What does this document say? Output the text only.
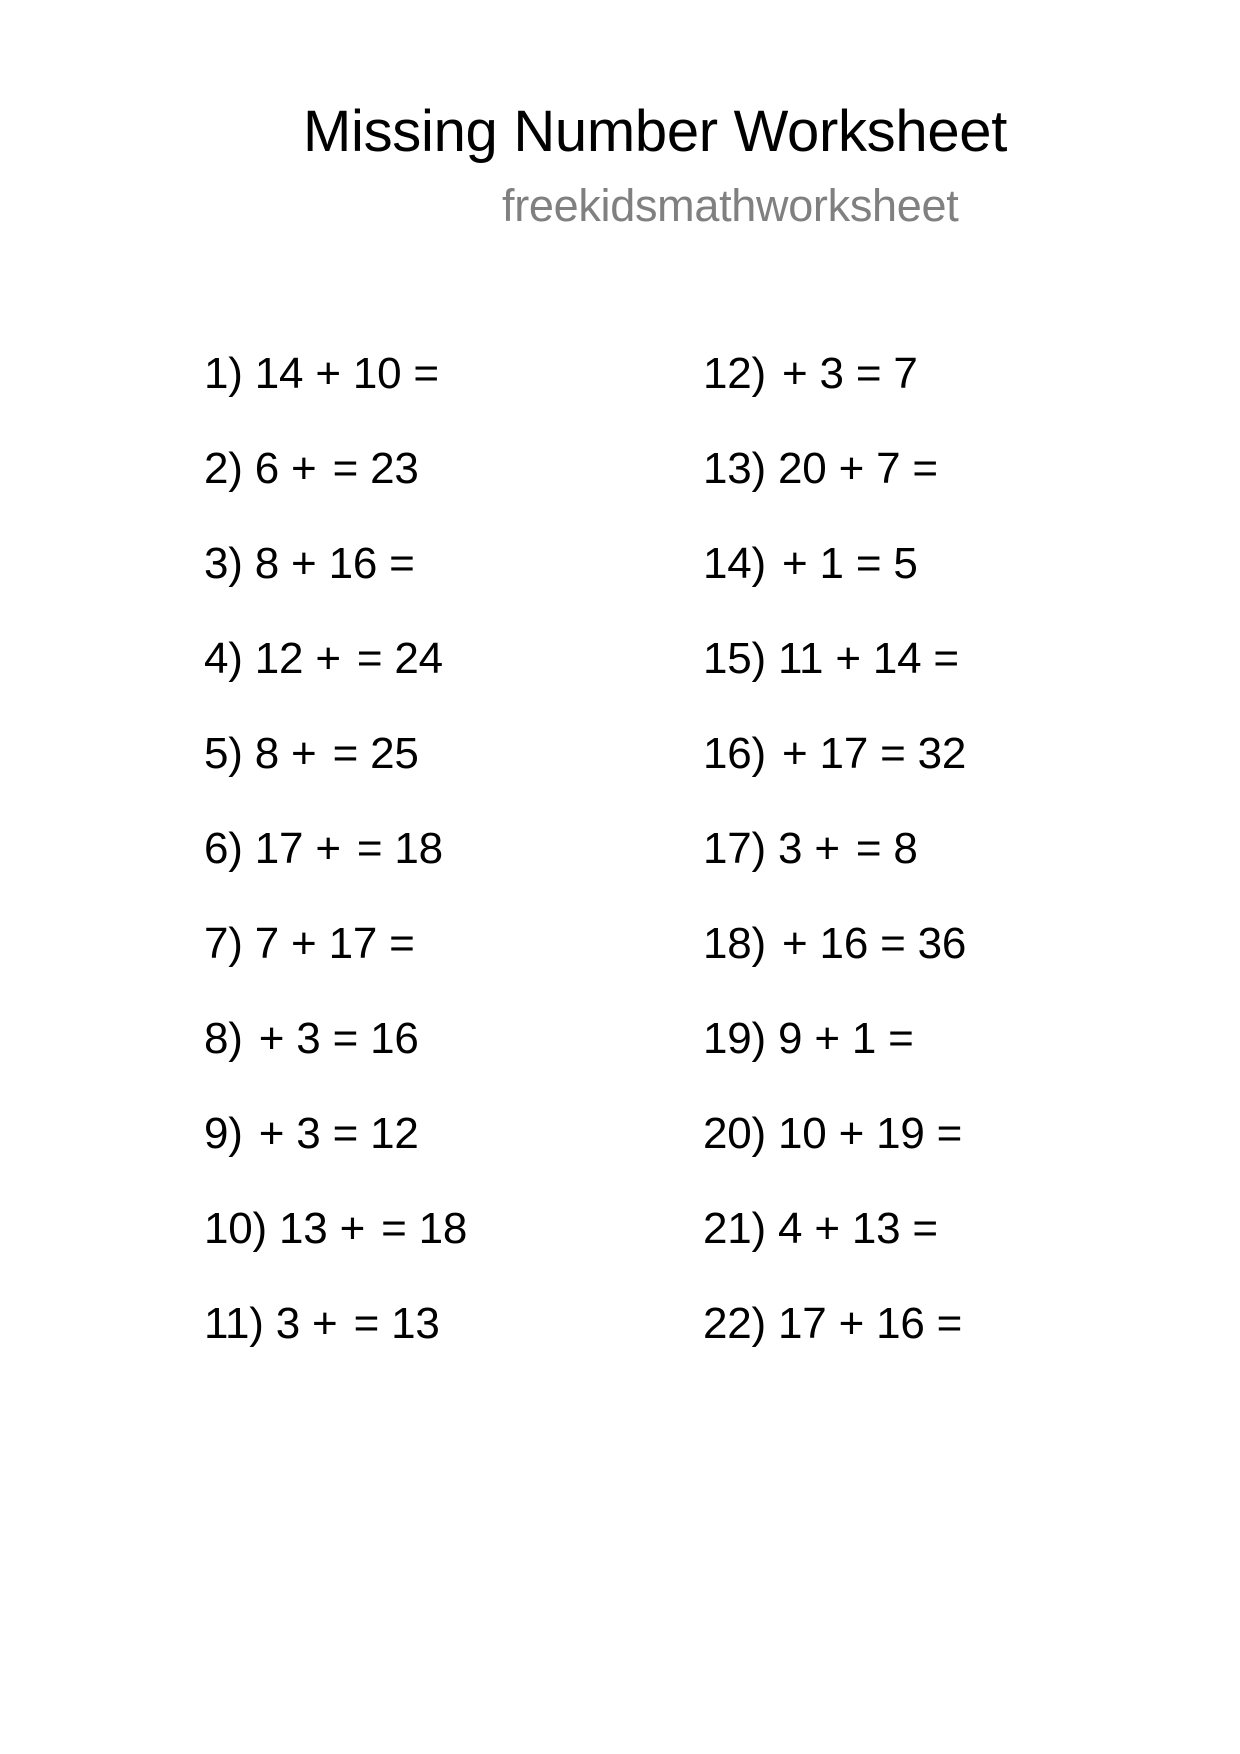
Missing Number Worksheet
freekidsmathworksheet
1) 14 + 10 =
2) 6 + = 23
3) 8 + 16 =
4) 12 + = 24
5) 8 + = 25
6) 17 + = 18
7) 7 + 17 =
8) + 3 = 16
9) + 3 = 12
10) 13 + = 18
11) 3 + = 13
12) + 3 = 7
13) 20 + 7 =
14) + 1 = 5
15) 11 + 14 =
16) + 17 = 32
17) 3 + = 8
18) + 16 = 36
19) 9 + 1 =
20) 10 + 19 =
21) 4 + 13 =
22) 17 + 16 =
